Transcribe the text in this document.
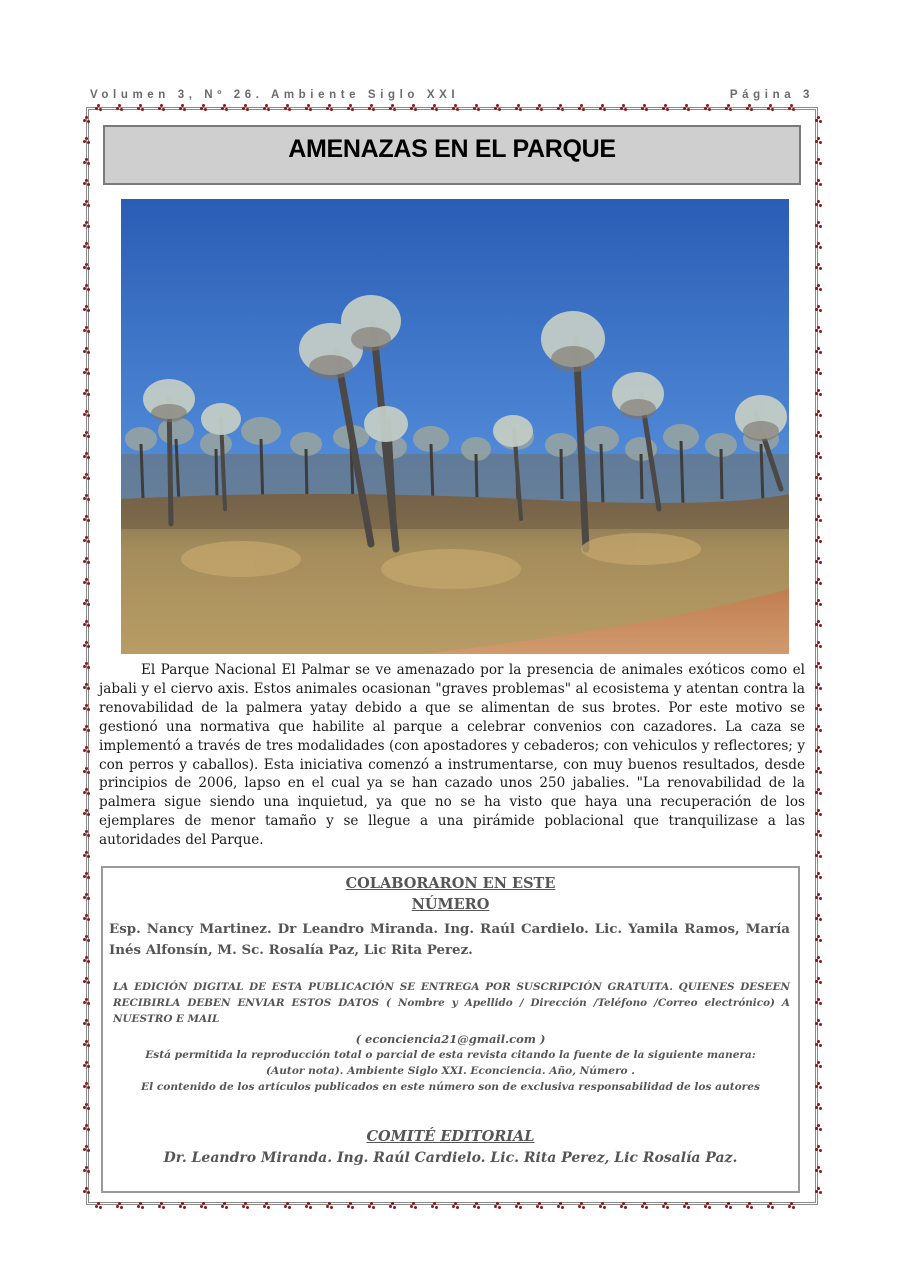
Volumen 3, Nº 26. Ambiente Siglo XXI	Página 3
AMENAZAS EN EL PARQUE

El Parque Nacional El Palmar se ve amenazado por la presencia de animales exóticos como el jabali y el ciervo axis. Estos animales ocasionan "graves problemas" al ecosistema y atentan contra la renovabilidad de la palmera yatay debido a que se alimentan de sus brotes. Por este motivo se gestionó una normativa que habilite al parque a celebrar convenios con cazadores. La caza se implementó a través de tres modalidades (con apostadores y cebaderos; con vehiculos y reflectores; y con perros y caballos). Esta iniciativa comenzó a instrumentarse, con muy buenos resultados, desde principios de 2006, lapso en el cual ya se han cazado unos 250 jabalies. "La renovabilidad de la palmera sigue siendo una inquietud, ya que no se ha visto que haya una recuperación de los ejemplares de menor tamaño y se llegue a una pirámide poblacional que tranquilizase a las autoridades del Parque.

COLABORARON EN ESTE
NÚMERO
Esp. Nancy Martinez. Dr Leandro Miranda. Ing. Raúl Cardielo. Lic. Yamila Ramos, María Inés Alfonsín, M. Sc. Rosalía Paz, Lic Rita Perez.
LA EDICIÓN DIGITAL DE ESTA PUBLICACIÓN SE ENTREGA POR SUSCRIPCIÓN GRATUITA. QUIENES DESEEN RECIBIRLA DEBEN ENVIAR ESTOS DATOS ( Nombre y Apellido / Dirección /Teléfono /Correo electrónico) A NUESTRO E MAIL
( econciencia21@gmail.com )
Está permitida la reproducción total o parcial de esta revista citando la fuente de la siguiente manera:
(Autor nota). Ambiente Siglo XXI. Econciencia. Año, Número .
El contenido de los artículos publicados en este número son de exclusiva responsabilidad de los autores
COMITÉ EDITORIAL
Dr. Leandro Miranda. Ing. Raúl Cardielo. Lic. Rita Perez, Lic Rosalía Paz.
